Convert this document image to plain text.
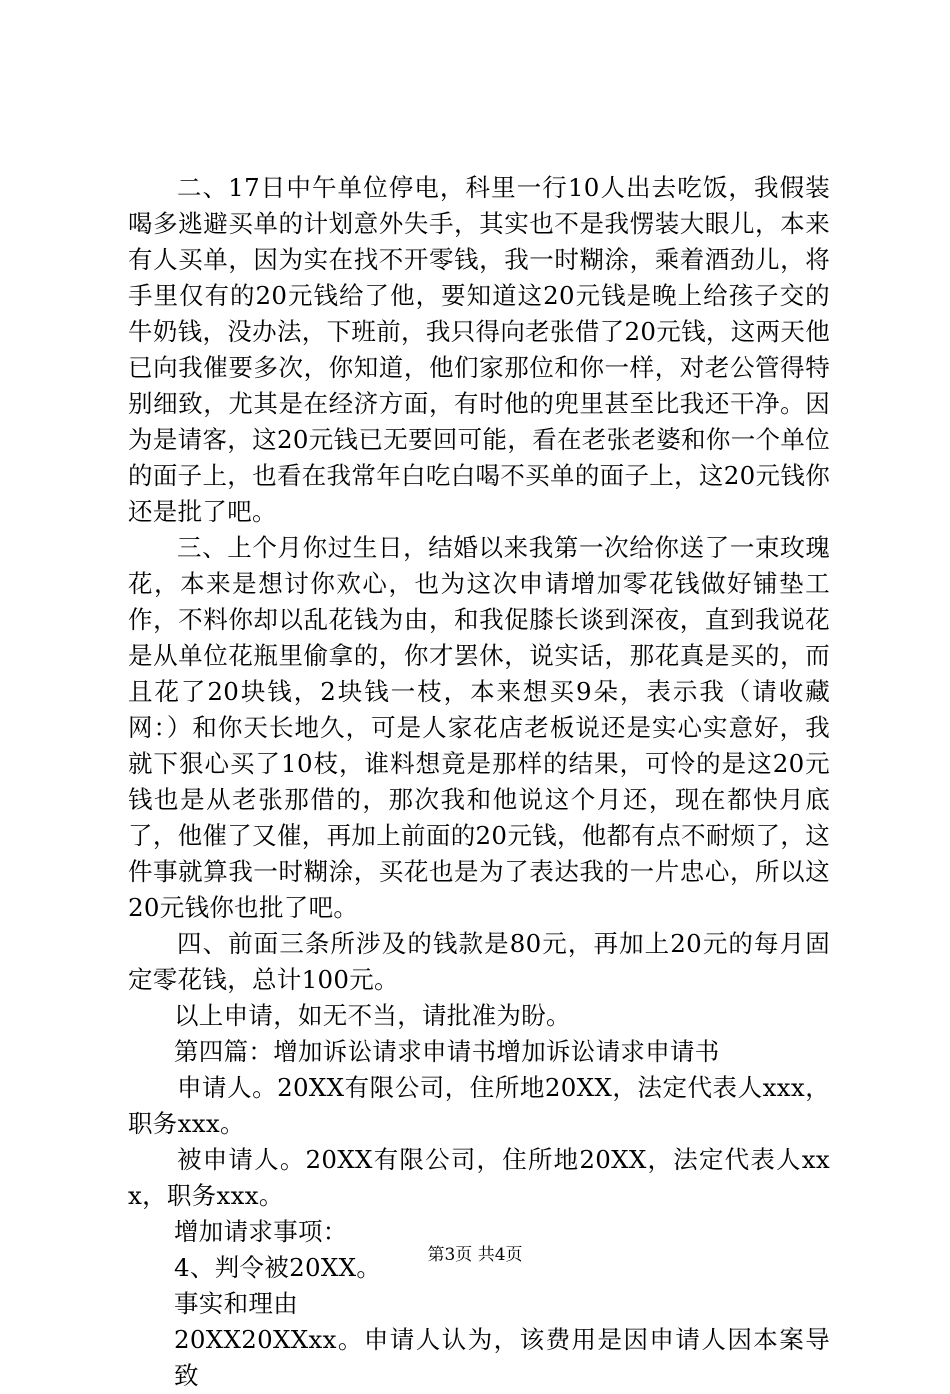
二、17日中午单位停电，科里一行10人出去吃饭，我假装喝多逃避买单的计划意外失手，其实也不是我愣装大眼儿，本来有人买单，因为实在找不开零钱，我一时糊涂，乘着酒劲儿，将手里仅有的20元钱给了他，要知道这20元钱是晚上给孩子交的牛奶钱，没办法，下班前，我只得向老张借了20元钱，这两天他已向我催要多次，你知道，他们家那位和你一样，对老公管得特别细致，尤其是在经济方面，有时他的兜里甚至比我还干净。因为是请客，这20元钱已无要回可能，看在老张老婆和你一个单位的面子上，也看在我常年白吃白喝不买单的面子上，这20元钱你还是批了吧。

三、上个月你过生日，结婚以来我第一次给你送了一束玫瑰花，本来是想讨你欢心，也为这次申请增加零花钱做好铺垫工作，不料你却以乱花钱为由，和我促膝长谈到深夜，直到我说花是从单位花瓶里偷拿的，你才罢休，说实话，那花真是买的，而且花了20块钱，2块钱一枝，本来想买9朵，表示我（请收藏网：）和你天长地久，可是人家花店老板说还是实心实意好，我就下狠心买了10枝，谁料想竟是那样的结果，可怜的是这20元钱也是从老张那借的，那次我和他说这个月还，现在都快月底了，他催了又催，再加上前面的20元钱，他都有点不耐烦了，这件事就算我一时糊涂，买花也是为了表达我的一片忠心，所以这20元钱你也批了吧。

四、前面三条所涉及的钱款是80元，再加上20元的每月固定零花钱，总计100元。

以上申请，如无不当，请批准为盼。

第四篇：增加诉讼请求申请书增加诉讼请求申请书

申请人。20XX有限公司，住所地20XX，法定代表人xxx，职务xxx。

被申请人。20XX有限公司，住所地20XX，法定代表人xxx，职务xxx。

增加请求事项：

4、判令被20XX。

事实和理由

20XX20XXxx。申请人认为，该费用是因申请人因本案导致

第3页 共4页
